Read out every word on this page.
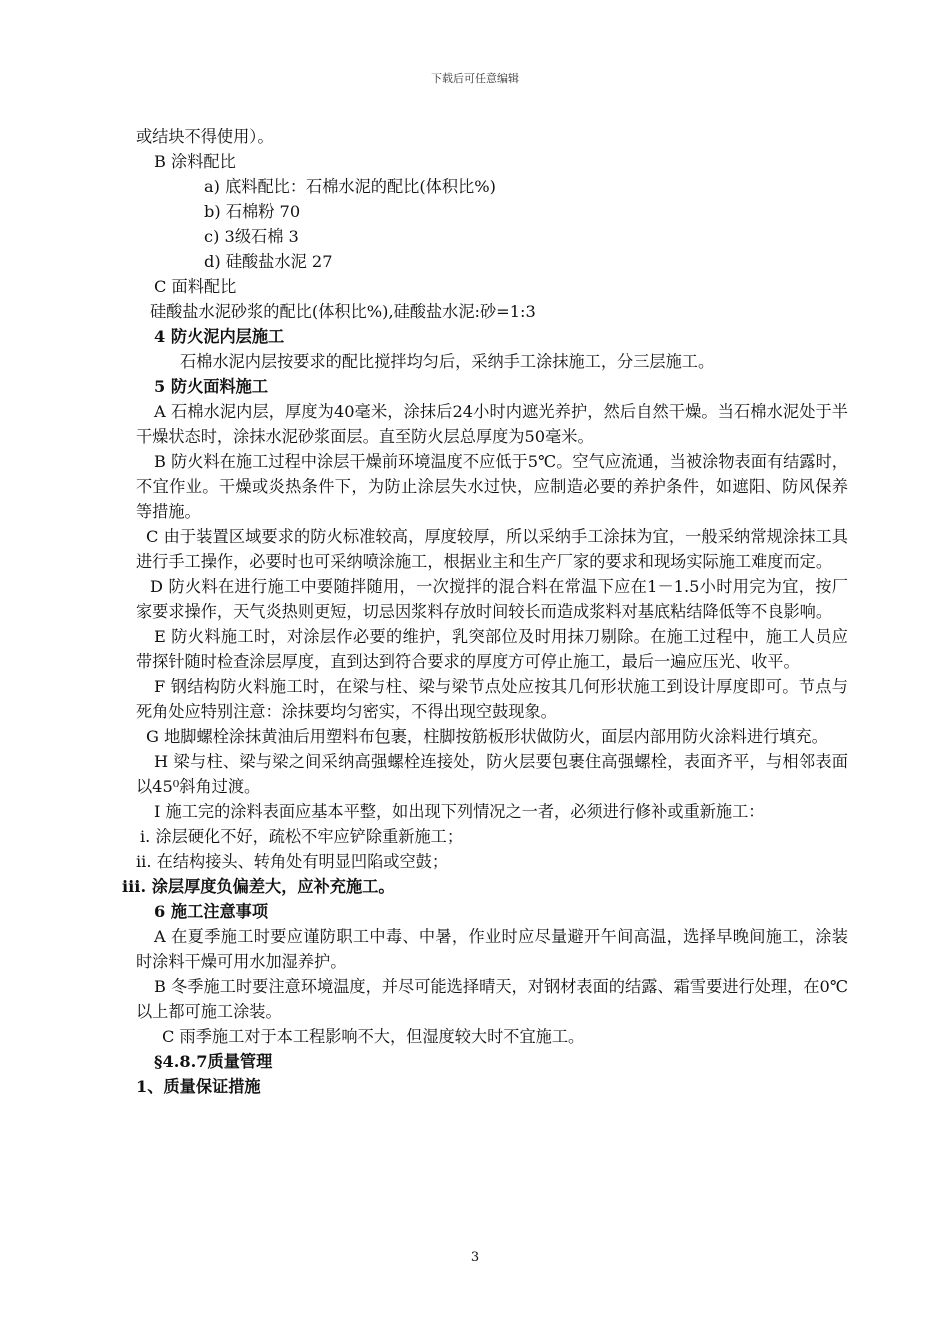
下载后可任意编辑
或结块不得使用）。
B 涂料配比
a) 底料配比：石棉水泥的配比(体积比%)
b) 石棉粉 70
c) 3级石棉 3
d) 硅酸盐水泥 27
C 面料配比
硅酸盐水泥砂浆的配比(体积比%),硅酸盐水泥:砂=1:3
4 防火泥内层施工
石棉水泥内层按要求的配比搅拌均匀后，采纳手工涂抹施工，分三层施工。
5 防火面料施工
A 石棉水泥内层，厚度为40毫米，涂抹后24小时内遮光养护，然后自然干燥。当石棉水泥处于半干燥状态时，涂抹水泥砂浆面层。直至防火层总厚度为50毫米。
B 防火料在施工过程中涂层干燥前环境温度不应低于5℃。空气应流通，当被涂物表面有结露时，不宜作业。干燥或炎热条件下，为防止涂层失水过快，应制造必要的养护条件，如遮阳、防风保养等措施。
C 由于装置区域要求的防火标准较高，厚度较厚，所以采纳手工涂抹为宜，一般采纳常规涂抹工具进行手工操作，必要时也可采纳喷涂施工，根据业主和生产厂家的要求和现场实际施工难度而定。
D 防火料在进行施工中要随拌随用，一次搅拌的混合料在常温下应在1－1.5小时用完为宜，按厂家要求操作，天气炎热则更短，切忌因浆料存放时间较长而造成浆料对基底粘结降低等不良影响。
E 防火料施工时，对涂层作必要的维护，乳突部位及时用抹刀剔除。在施工过程中，施工人员应带探针随时检查涂层厚度，直到达到符合要求的厚度方可停止施工，最后一遍应压光、收平。
F 钢结构防火料施工时，在梁与柱、梁与梁节点处应按其几何形状施工到设计厚度即可。节点与死角处应特别注意：涂抹要均匀密实，不得出现空鼓现象。
G 地脚螺栓涂抹黄油后用塑料布包裹，柱脚按筋板形状做防火，面层内部用防火涂料进行填充。
H 梁与柱、梁与梁之间采纳高强螺栓连接处，防火层要包裹住高强螺栓，表面齐平，与相邻表面以45⁰斜角过渡。
I 施工完的涂料表面应基本平整，如出现下列情况之一者，必须进行修补或重新施工：
i. 涂层硬化不好，疏松不牢应铲除重新施工；
ii. 在结构接头、转角处有明显凹陷或空鼓；
iii. 涂层厚度负偏差大，应补充施工。
6 施工注意事项
A 在夏季施工时要应谨防职工中毒、中暑，作业时应尽量避开午间高温，选择早晚间施工，涂装时涂料干燥可用水加湿养护。
B 冬季施工时要注意环境温度，并尽可能选择晴天，对钢材表面的结露、霜雪要进行处理，在0℃以上都可施工涂装。
C 雨季施工对于本工程影响不大，但湿度较大时不宜施工。
§4.8.7质量管理
1、质量保证措施
3
